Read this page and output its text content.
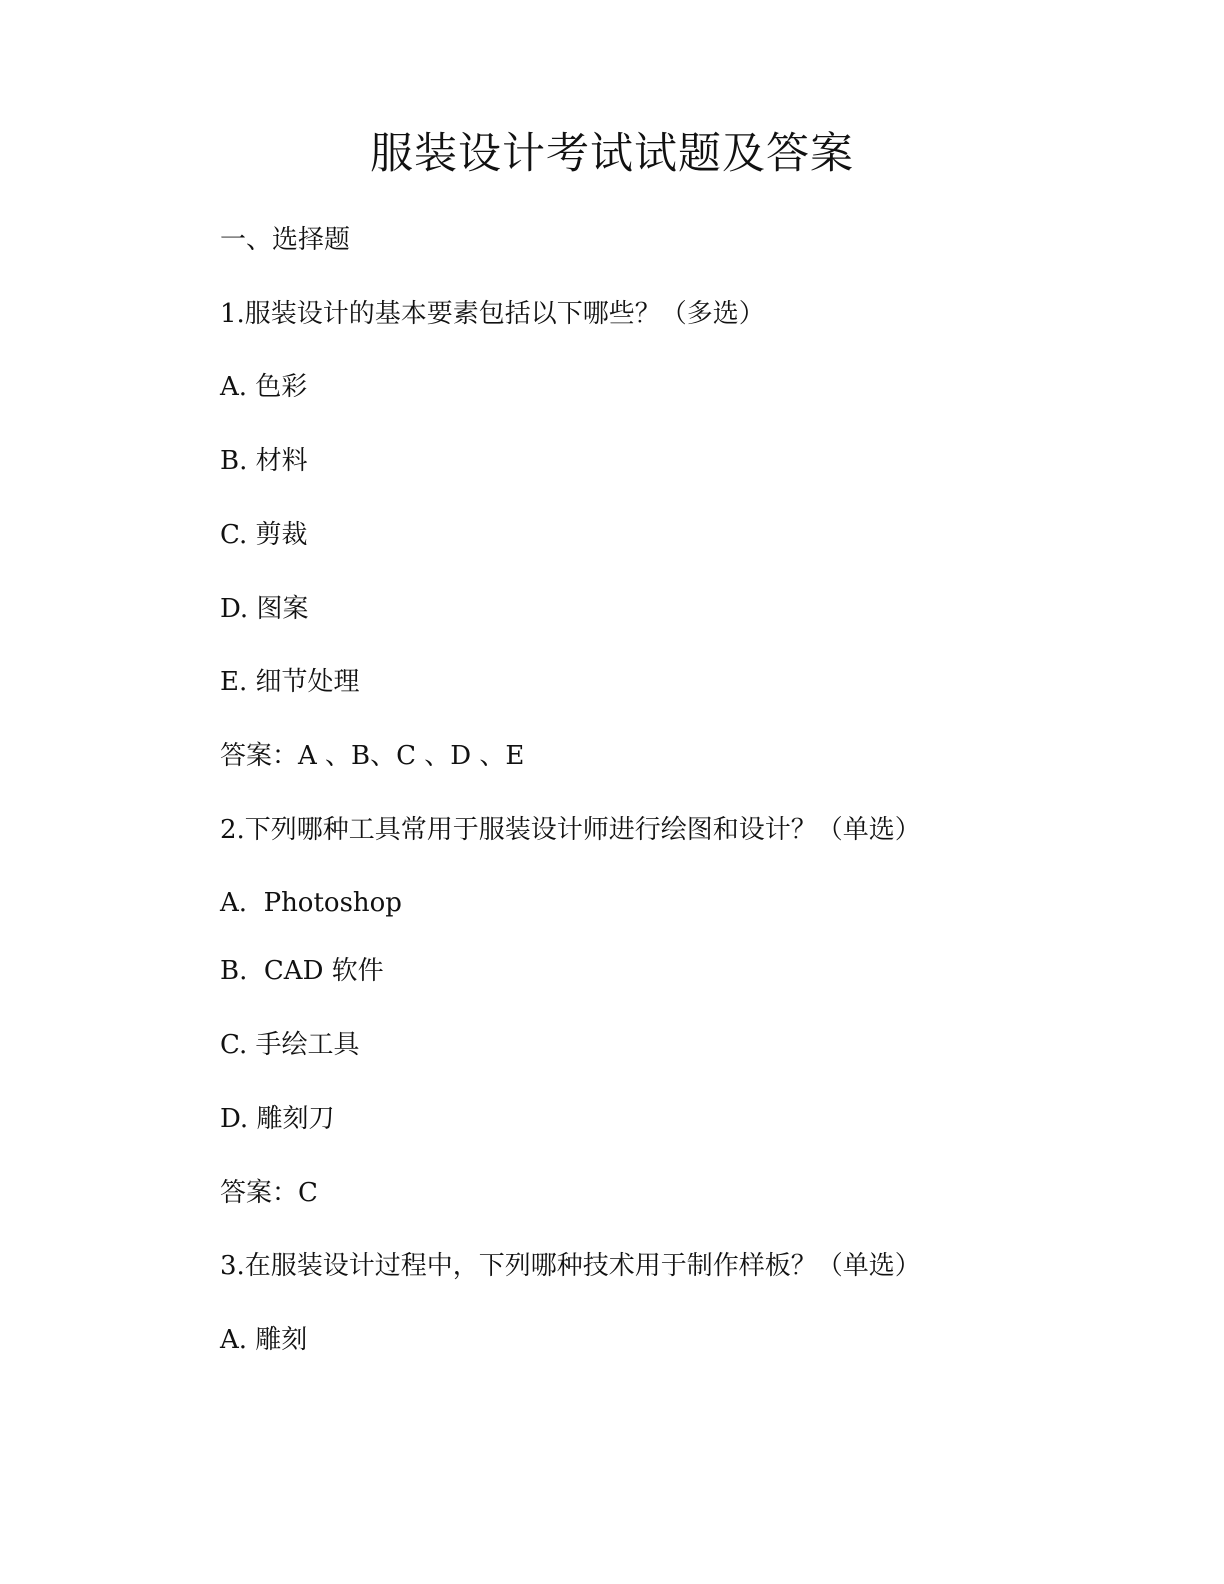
服装设计考试试题及答案

一、选择题

1.服装设计的基本要素包括以下哪些？（多选）

A. 色彩

B. 材料

C. 剪裁

D. 图案

E. 细节处理

答案：A 、B、C 、D 、E

2.下列哪种工具常用于服装设计师进行绘图和设计？（单选）

A.  Photoshop

B.  CAD 软件

C. 手绘工具

D. 雕刻刀

答案：C

3.在服装设计过程中，下列哪种技术用于制作样板？（单选）

A. 雕刻
